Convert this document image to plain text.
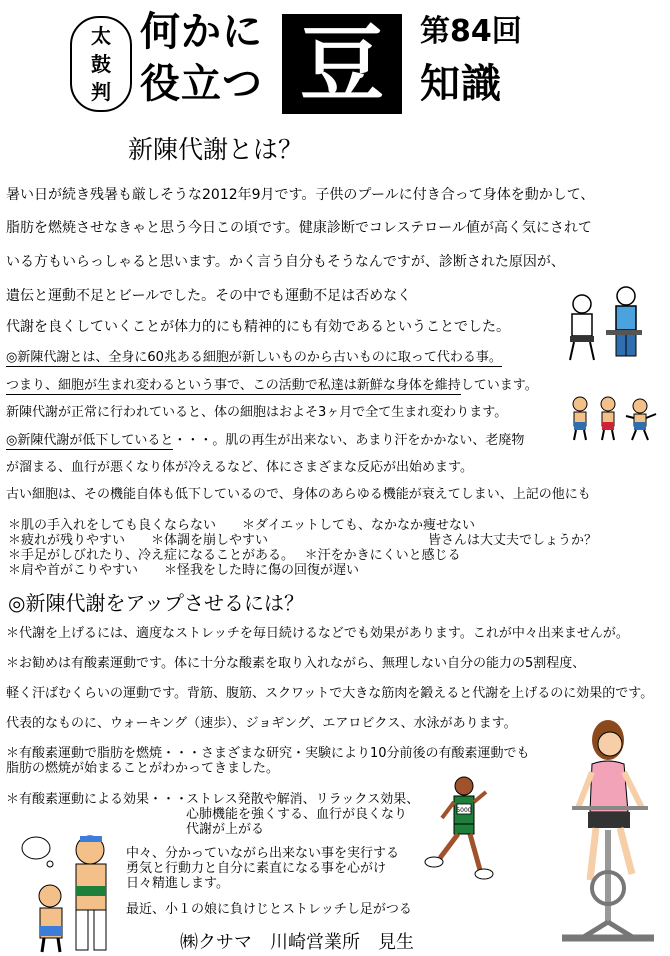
太
鼓
判
何かに
役立つ 豆	第84回
知識
新陳代謝とは？
暑い日が続き残暑も厳しそうな2012年9月です。子供のプールに付き合って身体を動かして、
脂肪を燃焼させなきゃと思う今日この頃です。健康診断でコレステロール値が高く気にされて
いる方もいらっしゃると思います。かく言う自分もそうなんですが、診断された原因が、
遺伝と運動不足とビールでした。その中でも運動不足は否めなく
代謝を良くしていくことが体力的にも精神的にも有効であるということでした。
◎新陳代謝とは、全身に60兆ある細胞が新しいものから古いものに取って代わる事。
つまり、細胞が生まれ変わるという事で、この活動で私達は新鮮な身体を維持しています。
新陳代謝が正常に行われていると、体の細胞はおよそ3ヶ月で全て生まれ変わります。
◎新陳代謝が低下していると・・・。肌の再生が出来ない、あまり汗をかかない、老廃物
が溜まる、血行が悪くなり体が冷えるなど、体にさまざまな反応が出始めます。
古い細胞は、その機能自体も低下しているので、身体のあらゆる機能が衰えてしまい、上記の他にも
＊肌の手入れをしても良くならない　　＊ダイエットしても、なかなか痩せない
＊疲れが残りやすい　　＊体調を崩しやすい	皆さんは大丈夫でしょうか？
＊手足がしびれたり、冷え症になることがある。　 ＊汗をかきにくいと感じる
＊肩や首がこりやすい　　＊怪我をした時に傷の回復が遅い
◎新陳代謝をアップさせるには？
＊代謝を上げるには、適度なストレッチを毎日続けるなどでも効果があります。これが中々出来ませんが。
＊お勧めは有酸素運動です。体に十分な酸素を取り入れながら、無理しない自分の能力の5割程度、
軽く汗ばむくらいの運動です。背筋、腹筋、スクワットで大きな筋肉を鍛えると代謝を上げるのに効果的です。
代表的なものに、ウォーキング（速歩）、ジョギング、エアロビクス、水泳があります。
＊有酸素運動で脂肪を燃焼・・・さまざまな研究・実験により10分前後の有酸素運動でも
脂肪の燃焼が始まることがわかってきました。
＊有酸素運動による効果・・・
ストレス発散や解消、リラックス効果、
心肺機能を強くする、血行が良くなり
代謝が上がる
5000
中々、分かっていながら出来ない事を実行する
勇気と行動力と自分に素直になる事を心がけ
日々精進します。
最近、小１の娘に負けじとストレッチし足がつる
㈱クサマ　川崎営業所　見生
